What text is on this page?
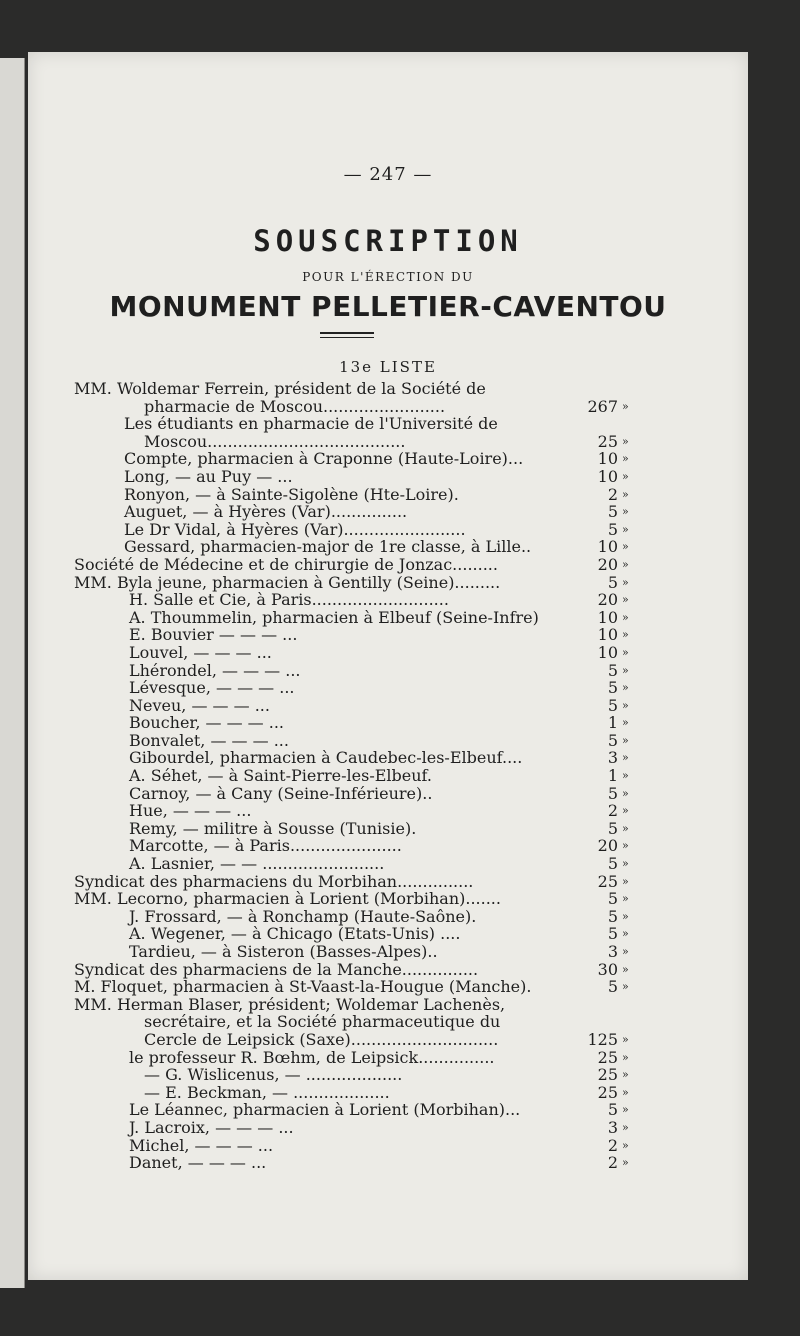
— 247 —
SOUSCRIPTION
POUR L'ÉRECTION DU
MONUMENT PELLETIER-CAVENTOU
13e LISTE
MM. Woldemar Ferrein, président de la Société de
pharmacie de Moscou........................	267 »
Les étudiants en pharmacie de l'Université de
Moscou.......................................	25 »
Compte, pharmacien à Craponne (Haute-Loire)...	10 »
Long, — au Puy — ...	10 »
Ronyon, — à Sainte-Sigolène (Hte-Loire).	2 »
Auguet, — à Hyères (Var)...............	5 »
Le Dr Vidal, à Hyères (Var)........................	5 »
Gessard, pharmacien-major de 1re classe, à Lille..	10 »
Société de Médecine et de chirurgie de Jonzac.........	20 »
MM. Byla jeune, pharmacien à Gentilly (Seine).........	5 »
H. Salle et Cie, à Paris...........................	20 »
A. Thoummelin, pharmacien à Elbeuf (Seine-Infre)	10 »
E. Bouvier — — — ...	10 »
Louvel, — — — ...	10 »
Lhérondel, — — — ...	5 »
Lévesque, — — — ...	5 »
Neveu, — — — ...	5 »
Boucher, — — — ...	1 »
Bonvalet, — — — ...	5 »
Gibourdel, pharmacien à Caudebec-les-Elbeuf....	3 »
A. Séhet, — à Saint-Pierre-les-Elbeuf.	1 »
Carnoy, — à Cany (Seine-Inférieure)..	5 »
Hue, — — — ...	2 »
Remy, — militre à Sousse (Tunisie).	5 »
Marcotte, — à Paris......................	20 »
A. Lasnier, — — ........................	5 »
Syndicat des pharmaciens du Morbihan...............	25 »
MM. Lecorno, pharmacien à Lorient (Morbihan).......	5 »
J. Frossard, — à Ronchamp (Haute-Saône).	5 »
A. Wegener, — à Chicago (Etats-Unis) ....	5 »
Tardieu, — à Sisteron (Basses-Alpes)..	3 »
Syndicat des pharmaciens de la Manche...............	30 »
M. Floquet, pharmacien à St-Vaast-la-Hougue (Manche).	5 »
MM. Herman Blaser, président; Woldemar Lachenès,
secrétaire, et la Société pharmaceutique du
Cercle de Leipsick (Saxe).............................	125 »
le professeur R. Bœhm, de Leipsick...............	25 »
— G. Wislicenus, — ...................	25 »
— E. Beckman, — ...................	25 »
Le Léannec, pharmacien à Lorient (Morbihan)...	5 »
J. Lacroix, — — — ...	3 »
Michel, — — — ...	2 »
Danet, — — — ...	2 »
